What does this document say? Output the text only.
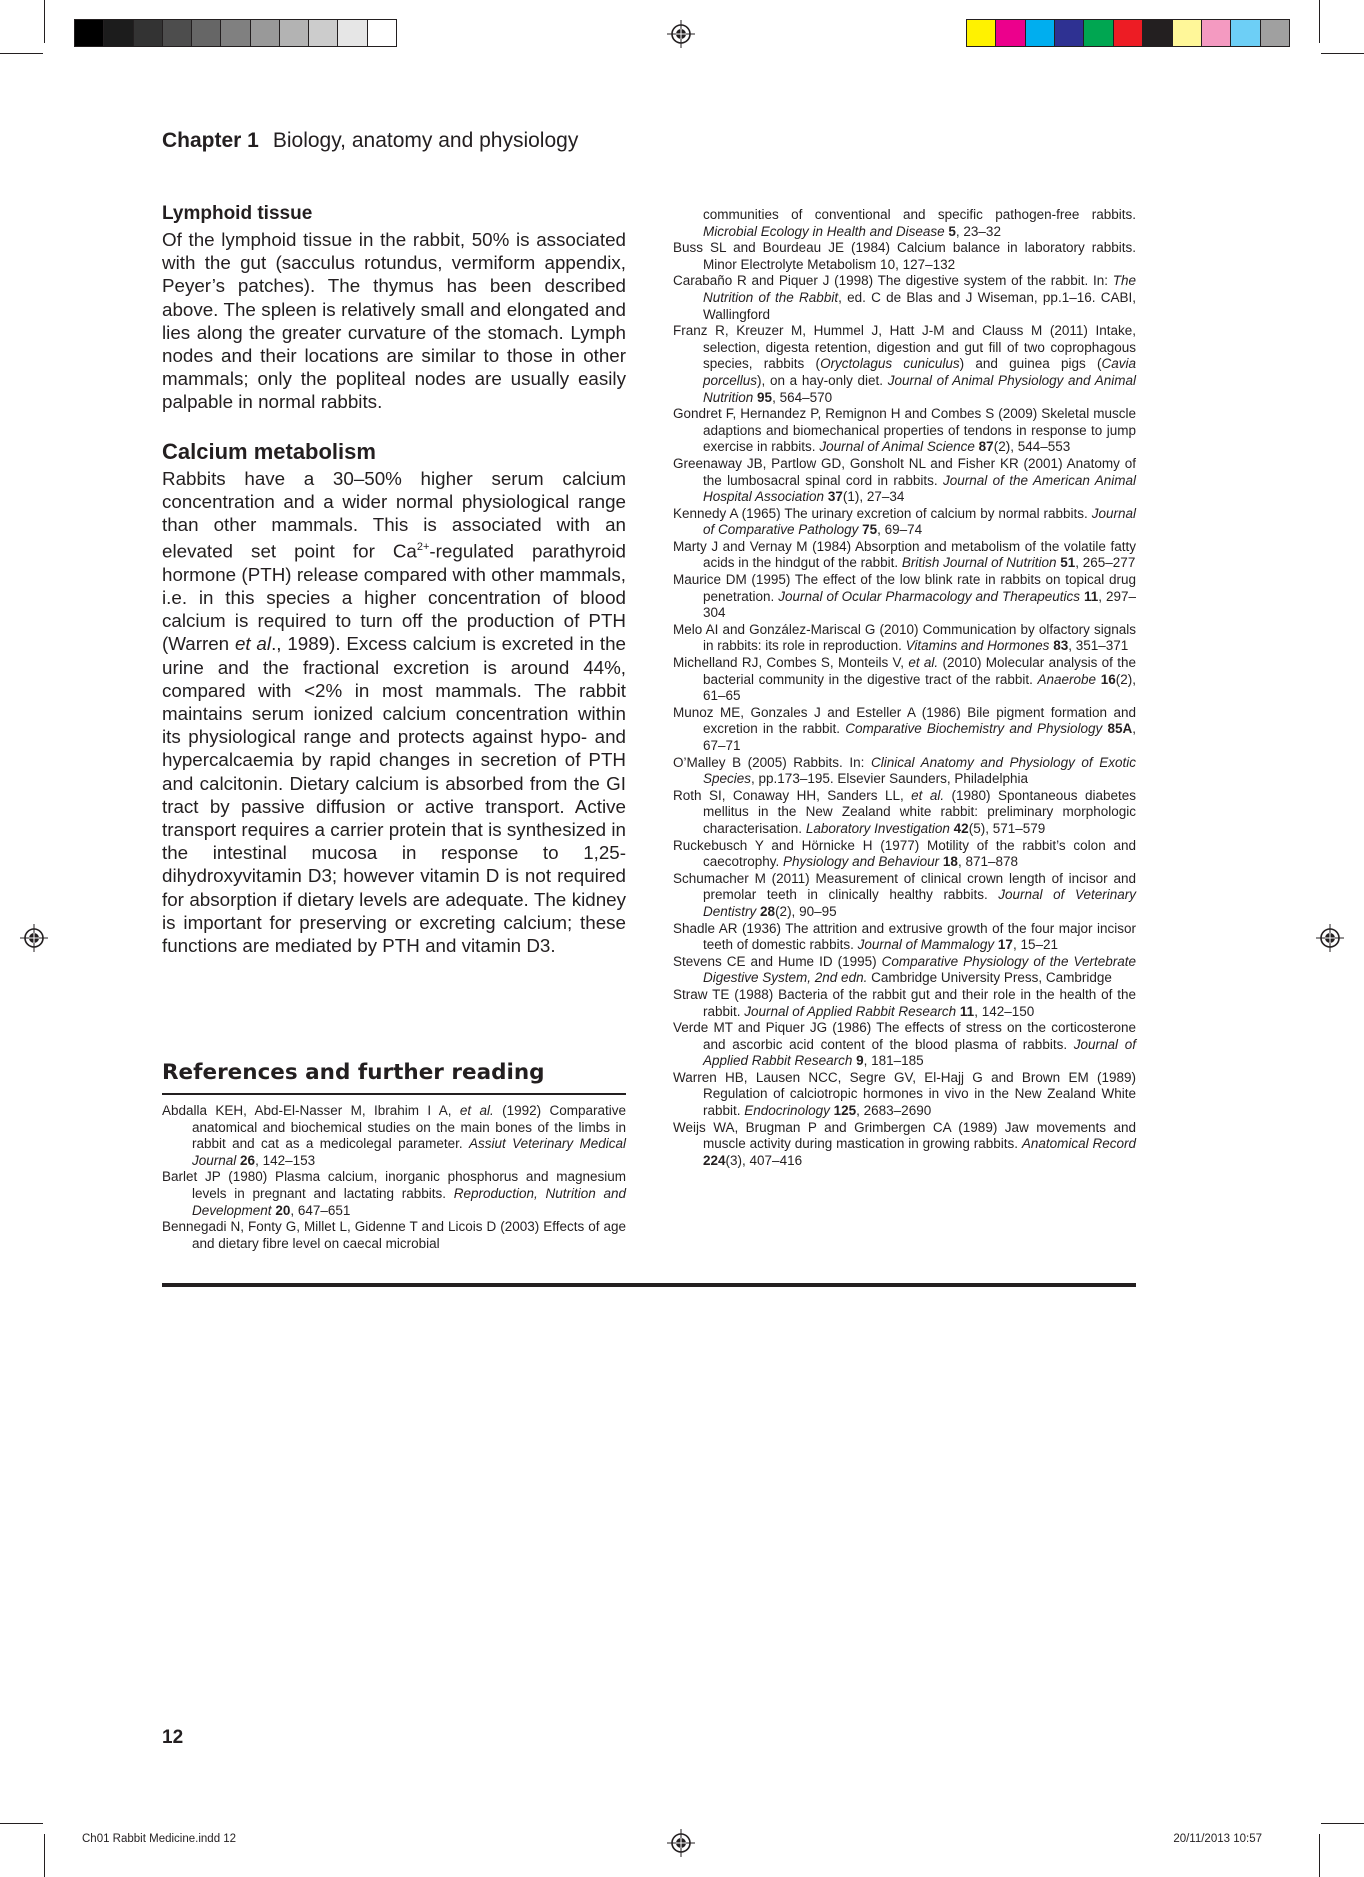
Chapter 1 Biology, anatomy and physiology
Lymphoid tissue

Of the lymphoid tissue in the rabbit, 50% is associated with the gut (sacculus rotundus, vermiform appendix, Peyer’s patches). The thymus has been described above. The spleen is relatively small and elongated and lies along the greater curvature of the stomach. Lymph nodes and their locations are similar to those in other mammals; only the popliteal nodes are usually easily palpable in normal rabbits.

Calcium metabolism

Rabbits have a 30–50% higher serum calcium concentration and a wider normal physiological range than other mammals. This is associated with an elevated set point for $Ca^{2+}$-regulated parathyroid hormone (PTH) release compared with other mammals, i.e. in this species a higher concentration of blood calcium is required to turn off the production of PTH (Warren et al., 1989). Excess calcium is excreted in the urine and the fractional excretion is around 44%, compared with <2% in most mammals. The rabbit maintains serum ionized calcium concentration within its physiological range and protects against hypo- and hypercalcaemia by rapid changes in secretion of PTH and calcitonin. Dietary calcium is absorbed from the GI tract by passive diffusion or active transport. Active transport requires a carrier protein that is synthesized in the intestinal mucosa in response to 1,25-dihydroxyvitamin D3; however vitamin D is not required for absorption if dietary levels are adequate. The kidney is important for preserving or excreting calcium; these functions are mediated by PTH and vitamin D3.

References and further reading

Abdalla KEH, Abd-El-Nasser M, Ibrahim I A, et al. (1992) Comparative anatomical and biochemical studies on the main bones of the limbs in rabbit and cat as a medicolegal parameter. Assiut Veterinary Medical Journal 26, 142–153

Barlet JP (1980) Plasma calcium, inorganic phosphorus and magnesium levels in pregnant and lactating rabbits. Reproduction, Nutrition and Development 20, 647–651

Bennegadi N, Fonty G, Millet L, Gidenne T and Licois D (2003) Effects of age and dietary fibre level on caecal microbial

communities of conventional and specific pathogen-free rabbits. Microbial Ecology in Health and Disease 5, 23–32

Buss SL and Bourdeau JE (1984) Calcium balance in laboratory rabbits. Minor Electrolyte Metabolism 10, 127–132

Carabaño R and Piquer J (1998) The digestive system of the rabbit. In: The Nutrition of the Rabbit, ed. C de Blas and J Wiseman, pp.1–16. CABI, Wallingford

Franz R, Kreuzer M, Hummel J, Hatt J-M and Clauss M (2011) Intake, selection, digesta retention, digestion and gut fill of two coprophagous species, rabbits (Oryctolagus cuniculus) and guinea pigs (Cavia porcellus), on a hay-only diet. Journal of Animal Physiology and Animal Nutrition 95, 564–570

Gondret F, Hernandez P, Remignon H and Combes S (2009) Skeletal muscle adaptions and biomechanical properties of tendons in response to jump exercise in rabbits. Journal of Animal Science 87(2), 544–553

Greenaway JB, Partlow GD, Gonsholt NL and Fisher KR (2001) Anatomy of the lumbosacral spinal cord in rabbits. Journal of the American Animal Hospital Association 37(1), 27–34

Kennedy A (1965) The urinary excretion of calcium by normal rabbits. Journal of Comparative Pathology 75, 69–74

Marty J and Vernay M (1984) Absorption and metabolism of the volatile fatty acids in the hindgut of the rabbit. British Journal of Nutrition 51, 265–277

Maurice DM (1995) The effect of the low blink rate in rabbits on topical drug penetration. Journal of Ocular Pharmacology and Therapeutics 11, 297–304

Melo AI and González-Mariscal G (2010) Communication by olfactory signals in rabbits: its role in reproduction. Vitamins and Hormones 83, 351–371

Michelland RJ, Combes S, Monteils V, et al. (2010) Molecular analysis of the bacterial community in the digestive tract of the rabbit. Anaerobe 16(2), 61–65

Munoz ME, Gonzales J and Esteller A (1986) Bile pigment formation and excretion in the rabbit. Comparative Biochemistry and Physiology 85A, 67–71

O’Malley B (2005) Rabbits. In: Clinical Anatomy and Physiology of Exotic Species, pp.173–195. Elsevier Saunders, Philadelphia

Roth SI, Conaway HH, Sanders LL, et al. (1980) Spontaneous diabetes mellitus in the New Zealand white rabbit: preliminary morphologic characterisation. Laboratory Investigation 42(5), 571–579

Ruckebusch Y and Hörnicke H (1977) Motility of the rabbit’s colon and caecotrophy. Physiology and Behaviour 18, 871–878

Schumacher M (2011) Measurement of clinical crown length of incisor and premolar teeth in clinically healthy rabbits. Journal of Veterinary Dentistry 28(2), 90–95

Shadle AR (1936) The attrition and extrusive growth of the four major incisor teeth of domestic rabbits. Journal of Mammalogy 17, 15–21

Stevens CE and Hume ID (1995) Comparative Physiology of the Vertebrate Digestive System, 2nd edn. Cambridge University Press, Cambridge

Straw TE (1988) Bacteria of the rabbit gut and their role in the health of the rabbit. Journal of Applied Rabbit Research 11, 142–150

Verde MT and Piquer JG (1986) The effects of stress on the corticosterone and ascorbic acid content of the blood plasma of rabbits. Journal of Applied Rabbit Research 9, 181–185

Warren HB, Lausen NCC, Segre GV, El-Hajj G and Brown EM (1989) Regulation of calciotropic hormones in vivo in the New Zealand White rabbit. Endocrinology 125, 2683–2690

Weijs WA, Brugman P and Grimbergen CA (1989) Jaw movements and muscle activity during mastication in growing rabbits. Anatomical Record 224(3), 407–416

12
Ch01 Rabbit Medicine.indd 12	20/11/2013 10:57
